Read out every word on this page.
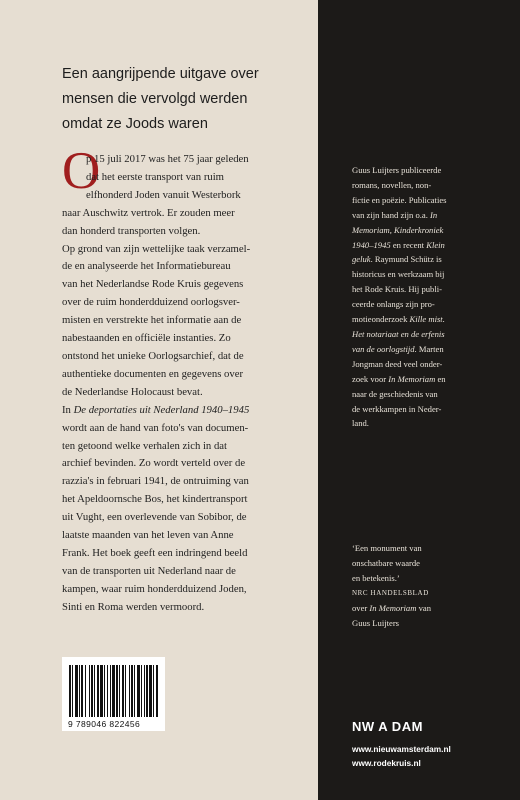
Een aangrijpende uitgave over
mensen die vervolgd werden
omdat ze Joods waren
O
p 15 juli 2017 was het 75 jaar geleden
dat het eerste transport van ruim
elfhonderd Joden vanuit Westerbork
naar Auschwitz vertrok. Er zouden meer
dan honderd transporten volgen.
Op grond van zijn wettelijke taak verzamel-
de en analyseerde het Informatiebureau
van het Nederlandse Rode Kruis gegevens
over de ruim honderdduizend oorlogsver-
misten en verstrekte het informatie aan de
nabestaanden en officiële instanties. Zo
ontstond het unieke Oorlogsarchief, dat de
authentieke documenten en gegevens over
de Nederlandse Holocaust bevat.
In De deportaties uit Nederland 1940–1945
wordt aan de hand van foto's van documen-
ten getoond welke verhalen zich in dat
archief bevinden. Zo wordt verteld over de
razzia's in februari 1941, de ontruiming van
het Apeldoornsche Bos, het kindertransport
uit Vught, een overlevende van Sobibor, de
laatste maanden van het leven van Anne
Frank. Het boek geeft een indringend beeld
van de transporten uit Nederland naar de
kampen, waar ruim honderdduizend Joden,
Sinti en Roma werden vermoord.
Guus Luijters publiceerde
romans, novellen, non-
fictie en poëzie. Publicaties
van zijn hand zijn o.a. In
Memoriam, Kinderkroniek
1940–1945 en recent Klein
geluk. Raymund Schütz is
historicus en werkzaam bij
het Rode Kruis. Hij publi-
ceerde onlangs zijn pro-
motieonderzoek Kille mist.
Het notariaat en de erfenis
van de oorlogstijd. Marten
Jongman deed veel onder-
zoek voor In Memoriam en
naar de geschiedenis van
de werkkampen in Neder-
land.
‘Een monument van
onschatbare waarde
en betekenis.’
NRC HANDELSBLAD
over In Memoriam van
Guus Luijters
9 789046 822456	NW A DAM
www.nieuwamsterdam.nl
www.rodekruis.nl
